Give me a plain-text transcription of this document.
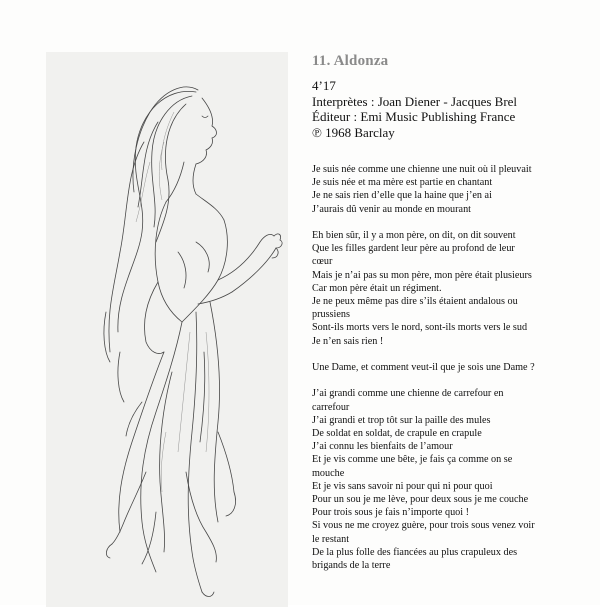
11. Aldonza
4’17
Interprètes : Joan Diener - Jacques Brel
Éditeur : Emi Music Publishing France
℗ 1968 Barclay
Je suis née comme une chienne une nuit où il pleuvait
Je suis née et ma mère est partie en chantant
Je ne sais rien d’elle que la haine que j’en ai
J’aurais dû venir au monde en mourant
Eh bien sûr, il y a mon père, on dit, on dit souvent
Que les filles gardent leur père au profond de leur
cœur
Mais je n’ai pas su mon père, mon père était plusieurs
Car mon père était un régiment.
Je ne peux même pas dire s’ils étaient andalous ou
prussiens
Sont-ils morts vers le nord, sont-ils morts vers le sud
Je n’en sais rien !
Une Dame, et comment veut-il que je sois une Dame ?
J’ai grandi comme une chienne de carrefour en
carrefour
J’ai grandi et trop tôt sur la paille des mules
De soldat en soldat, de crapule en crapule
J’ai connu les bienfaits de l’amour
Et je vis comme une bête, je fais ça comme on se
mouche
Et je vis sans savoir ni pour qui ni pour quoi
Pour un sou je me lève, pour deux sous je me couche
Pour trois sous je fais n’importe quoi !
Si vous ne me croyez guère, pour trois sous venez voir
le restant
De la plus folle des fiancées au plus crapuleux des
brigands de la terre
